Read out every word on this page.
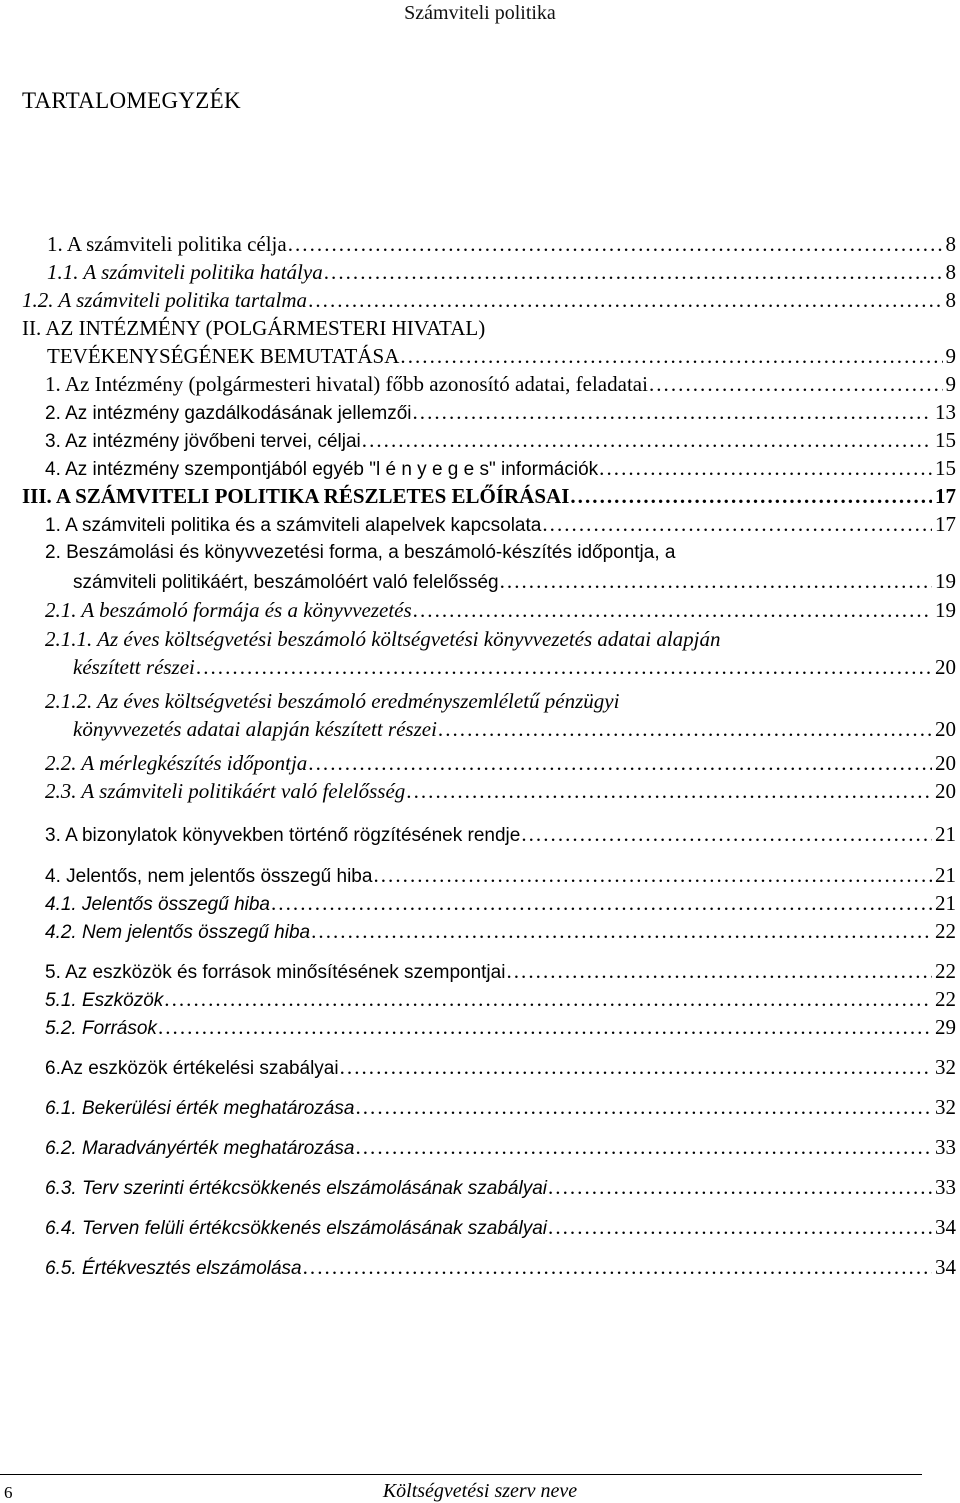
Számviteli politika
TARTALOMEGYZÉK
1. A számviteli politika célja . . .	8
1.1. A számviteli politika hatálya . . .	8
1.2. A számviteli politika tartalma . . .	8
II. AZ INTÉZMÉNY (POLGÁRMESTERI HIVATAL)
TEVÉKENYSÉGÉNEK BEMUTATÁSA . . .	9
1. Az Intézmény (polgármesteri hivatal) főbb azonosító adatai, feladatai . . .	9
2. Az intézmény gazdálkodásának jellemzői . . .	13
3. Az intézmény jövőbeni tervei, céljai . . .	15
4. Az intézmény szempontjából egyéb "l é n y e g e s" információk . . .	15
III. A SZÁMVITELI POLITIKA RÉSZLETES ELŐÍRÁSAI . . .	17
1. A számviteli politika és a számviteli alapelvek kapcsolata . . .	17
2. Beszámolási és könyvvezetési forma, a beszámoló-készítés időpontja, a
számviteli politikáért, beszámolóért való felelősség . . .	19
2.1. A beszámoló formája és a könyvvezetés . . .	19
2.1.1. Az éves költségvetési beszámoló költségvetési könyvvezetés adatai alapján
készített részei . . .	20
2.1.2. Az éves költségvetési beszámoló eredményszemléletű pénzügyi
könyvvezetés adatai alapján készített részei . . .	20
2.2. A mérlegkészítés időpontja . . .	20
2.3. A számviteli politikáért való felelősség . . .	20
3. A bizonylatok könyvekben történő rögzítésének rendje . . .	21
4. Jelentős, nem jelentős összegű hiba . . .	21
4.1. Jelentős összegű hiba . . .	21
4.2. Nem jelentős összegű hiba . . .	22
5. Az eszközök és források minősítésének szempontjai . . .	22
5.1. Eszközök . . .	22
5.2. Források . . .	29
6.Az eszközök értékelési szabályai . . .	32
6.1. Bekerülési érték meghatározása . . .	32
6.2. Maradványérték meghatározása . . .	33
6.3. Terv szerinti értékcsökkenés elszámolásának szabályai . . .	33
6.4. Terven felüli értékcsökkenés elszámolásának szabályai . . .	34
6.5. Értékvesztés elszámolása . . .	34
6	Költségvetési szerv neve
